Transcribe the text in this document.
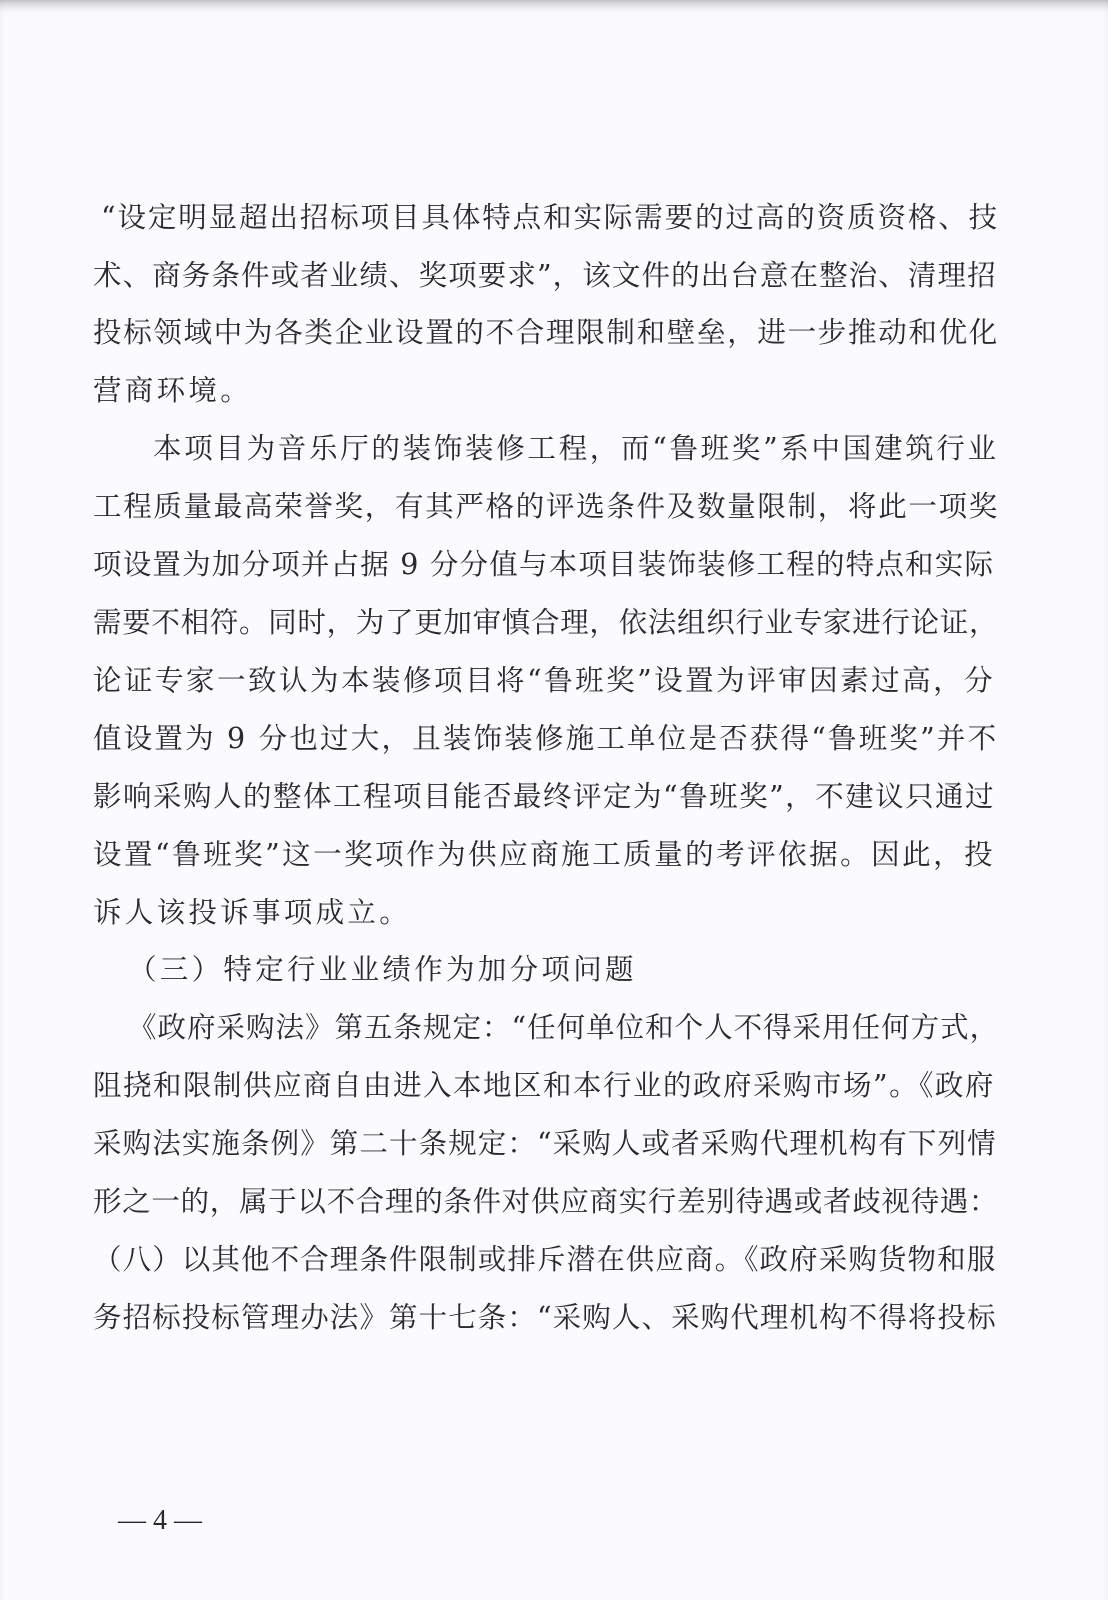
“设定明显超出招标项目具体特点和实际需要的过高的资质资格、技
术、商务条件或者业绩、奖项要求”，该文件的出台意在整治、清理招
投标领域中为各类企业设置的不合理限制和壁垒，进一步推动和优化
营商环境。
本项目为音乐厅的装饰装修工程，而“鲁班奖”系中国建筑行业
工程质量最高荣誉奖，有其严格的评选条件及数量限制，将此一项奖
项设置为加分项并占据 9 分分值与本项目装饰装修工程的特点和实际
需要不相符。同时，为了更加审慎合理，依法组织行业专家进行论证，
论证专家一致认为本装修项目将“鲁班奖”设置为评审因素过高，分
值设置为 9 分也过大，且装饰装修施工单位是否获得“鲁班奖”并不
影响采购人的整体工程项目能否最终评定为“鲁班奖”，不建议只通过
设置“鲁班奖”这一奖项作为供应商施工质量的考评依据。因此，投
诉人该投诉事项成立。
（三）特定行业业绩作为加分项问题
《政府采购法》第五条规定：“任何单位和个人不得采用任何方式，
阻挠和限制供应商自由进入本地区和本行业的政府采购市场”。《政府
采购法实施条例》第二十条规定：“采购人或者采购代理机构有下列情
形之一的，属于以不合理的条件对供应商实行差别待遇或者歧视待遇：
（八）以其他不合理条件限制或排斥潜在供应商。《政府采购货物和服
务招标投标管理办法》第十七条：“采购人、采购代理机构不得将投标
— 4 —
